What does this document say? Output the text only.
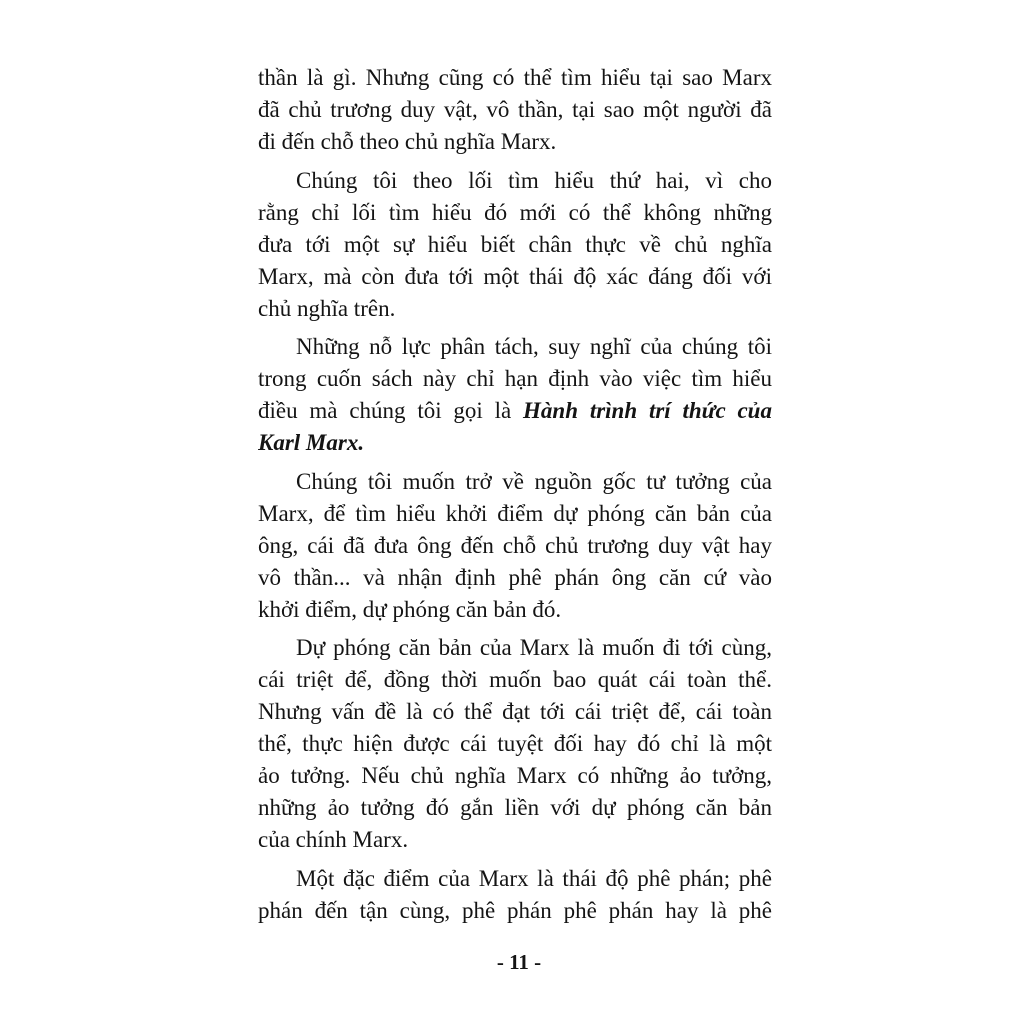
thần là gì. Nhưng cũng có thể tìm hiểu tại sao Marx
đã chủ trương duy vật, vô thần, tại sao một người đã
đi đến chỗ theo chủ nghĩa Marx.
Chúng tôi theo lối tìm hiểu thứ hai, vì cho
rằng chỉ lối tìm hiểu đó mới có thể không những
đưa tới một sự hiểu biết chân thực về chủ nghĩa
Marx, mà còn đưa tới một thái độ xác đáng đối với
chủ nghĩa trên.
Những nỗ lực phân tách, suy nghĩ của chúng tôi
trong cuốn sách này chỉ hạn định vào việc tìm hiểu
điều mà chúng tôi gọi là Hành trình trí thức của
Karl Marx.
Chúng tôi muốn trở về nguồn gốc tư tưởng của
Marx, để tìm hiểu khởi điểm dự phóng căn bản của
ông, cái đã đưa ông đến chỗ chủ trương duy vật hay
vô thần... và nhận định phê phán ông căn cứ vào
khởi điểm, dự phóng căn bản đó.
Dự phóng căn bản của Marx là muốn đi tới cùng,
cái triệt để, đồng thời muốn bao quát cái toàn thể.
Nhưng vấn đề là có thể đạt tới cái triệt để, cái toàn
thể, thực hiện được cái tuyệt đối hay đó chỉ là một
ảo tưởng. Nếu chủ nghĩa Marx có những ảo tưởng,
những ảo tưởng đó gắn liền với dự phóng căn bản
của chính Marx.
Một đặc điểm của Marx là thái độ phê phán; phê
phán đến tận cùng, phê phán phê phán hay là phê
- 11 -
